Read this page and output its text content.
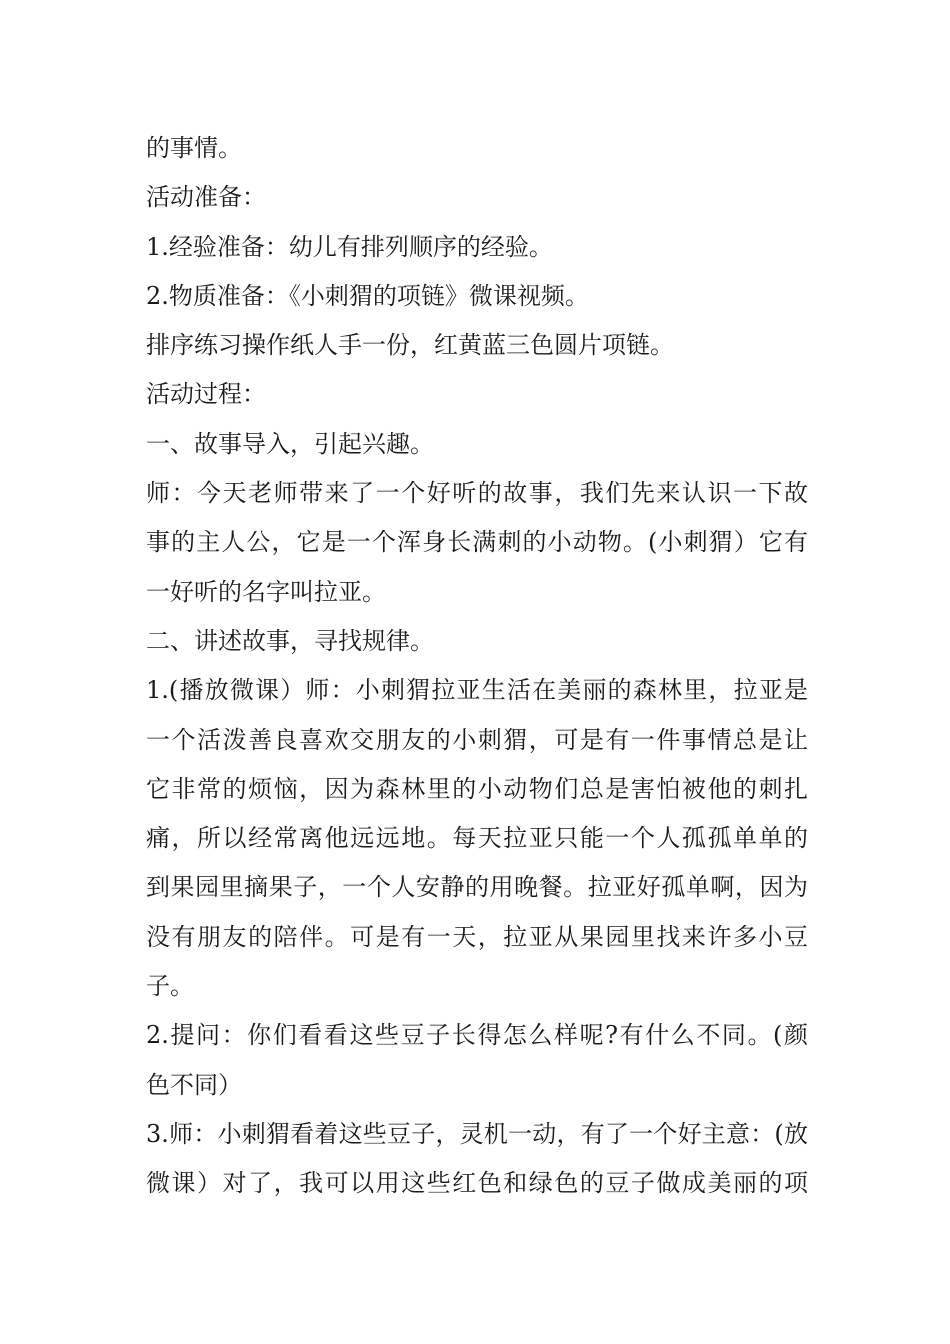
的事情。
活动准备：
1.经验准备：幼儿有排列顺序的经验。
2.物质准备：《小刺猬的项链》微课视频。
排序练习操作纸人手一份，红黄蓝三色圆片项链。
活动过程：
一、故事导入，引起兴趣。
师：今天老师带来了一个好听的故事，我们先来认识一下故
事的主人公，它是一个浑身长满刺的小动物。(小刺猬）它有
一好听的名字叫拉亚。
二、讲述故事，寻找规律。
1.(播放微课）师：小刺猬拉亚生活在美丽的森林里，拉亚是
一个活泼善良喜欢交朋友的小刺猬，可是有一件事情总是让
它非常的烦恼，因为森林里的小动物们总是害怕被他的刺扎
痛，所以经常离他远远地。每天拉亚只能一个人孤孤单单的
到果园里摘果子，一个人安静的用晚餐。拉亚好孤单啊，因为
没有朋友的陪伴。可是有一天，拉亚从果园里找来许多小豆
子。
2.提问：你们看看这些豆子长得怎么样呢?有什么不同。(颜
色不同）
3.师：小刺猬看着这些豆子，灵机一动，有了一个好主意：(放
微课）对了，我可以用这些红色和绿色的豆子做成美丽的项
